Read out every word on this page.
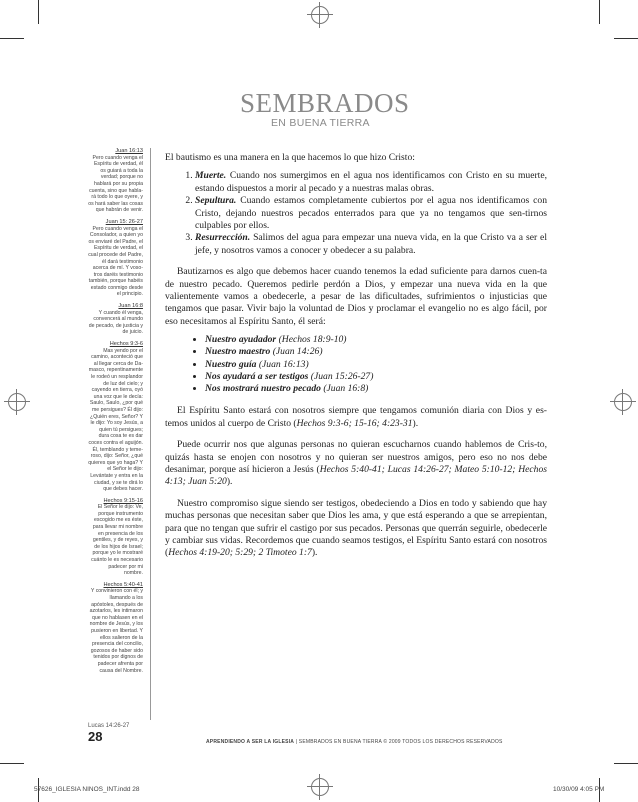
SEMBRADOS
EN BUENA TIERRA
Juan 16:13
Pero cuando venga el Espíritu de verdad, él os guiará a toda la verdad; porque no hablará por su propia cuenta, sino que habla-rá todo lo que oyere, y os hará saber las cosas que habrán de venir.
Juan 15: 26-27
Pero cuando venga el Consolador, a quien yo os enviaré del Padre, el Espíritu de verdad, el cual procede del Padre, él dará testimonio acerca de mí. Y voso-tros daréis testimonio también, porque habéis estado conmigo desde el principio.
Juan 16:8
Y cuando él venga, convencerá al mundo de pecado, de justicia y de juicio.
Hechos 9:3-6
Mas yendo por el camino, aconteció que al llegar cerca de Da-masco, repentinamente le rodeó un resplandor de luz del cielo; y cayendo en tierra, oyó una voz que le decía: Saulo, Saulo, ¿por qué me persigues? Él dijo: ¿Quién eres, Señor? Y le dijo: Yo soy Jesús, a quien tú persigues; dura cosa te es dar coces contra el aguijón. Él, temblando y teme-roso, dijo: Señor, ¿qué quieres que yo haga? Y el Señor le dijo: Levántate y entra en la ciudad, y se te dirá lo que debes hacer.
Hechos 9:15-16
El Señor le dijo: Ve, porque instrumento escogido me es éste, para llevar mi nombre en presencia de los gentiles, y de reyes, y de los hijos de Israel; porque yo le mostraré cuánto le es necesario padecer por mi nombre.
Hechos 5:40-41
Y convinieron con él; y llamando a los apóstoles, después de azotarlos, les intimaron que no hablasen en el nombre de Jesús, y los pusieron en libertad. Y ellos salieron de la presencia del concilio, gozosos de haber sido tenidos por dignos de padecer afrenta por causa del Nombre.

El bautismo es una manera en la que hacemos lo que hizo Cristo:

1. Muerte. Cuando nos sumergimos en el agua nos identificamos con Cristo en su muerte, estando dispuestos a morir al pecado y a nuestras malas obras.
2. Sepultura. Cuando estamos completamente cubiertos por el agua nos identificamos con Cristo, dejando nuestros pecados enterrados para que ya no tengamos que sen-tirnos culpables por ellos.
3. Resurrección. Salimos del agua para empezar una nueva vida, en la que Cristo va a ser el jefe, y nosotros vamos a conocer y obedecer a su palabra.

Bautizarnos es algo que debemos hacer cuando tenemos la edad suficiente para darnos cuen-ta de nuestro pecado. Queremos pedirle perdón a Dios, y empezar una nueva vida en la que valientemente vamos a obedecerle, a pesar de las dificultades, sufrimientos o injusticias que tengamos que pasar. Vivir bajo la voluntad de Dios y proclamar el evangelio no es algo fácil, por eso necesitamos al Espíritu Santo, él será:

• Nuestro ayudador (Hechos 18:9-10)
• Nuestro maestro (Juan 14:26)
• Nuestro guía (Juan 16:13)
• Nos ayudará a ser testigos (Juan 15:26-27)
• Nos mostrará nuestro pecado (Juan 16:8)

El Espíritu Santo estará con nosotros siempre que tengamos comunión diaria con Dios y es-temos unidos al cuerpo de Cristo (Hechos 9:3-6; 15-16; 4:23-31).

Puede ocurrir nos que algunas personas no quieran escucharnos cuando hablemos de Cris-to, quizás hasta se enojen con nosotros y no quieran ser nuestros amigos, pero eso no nos debe desanimar, porque así hicieron a Jesús (Hechos 5:40-41; Lucas 14:26-27; Mateo 5:10-12; Hechos 4:13; Juan 5:20).

Nuestro compromiso sigue siendo ser testigos, obedeciendo a Dios en todo y sabiendo que hay muchas personas que necesitan saber que Dios les ama, y que está esperando a que se arrepientan, para que no tengan que sufrir el castigo por sus pecados. Personas que querrán seguirle, obedecerle y cambiar sus vidas. Recordemos que cuando seamos testigos, el Espíritu Santo estará con nosotros (Hechos 4:19-20; 5:29; 2 Timoteo 1:7).

Lucas 14:26-27
28	APRENDIENDO A SER LA IGLESIA | SEMBRADOS EN BUENA TIERRA © 2009 TODOS LOS DERECHOS RESERVADOS
57626_IGLESIA NINOS_INT.indd 28	10/30/09 4:05 PM
